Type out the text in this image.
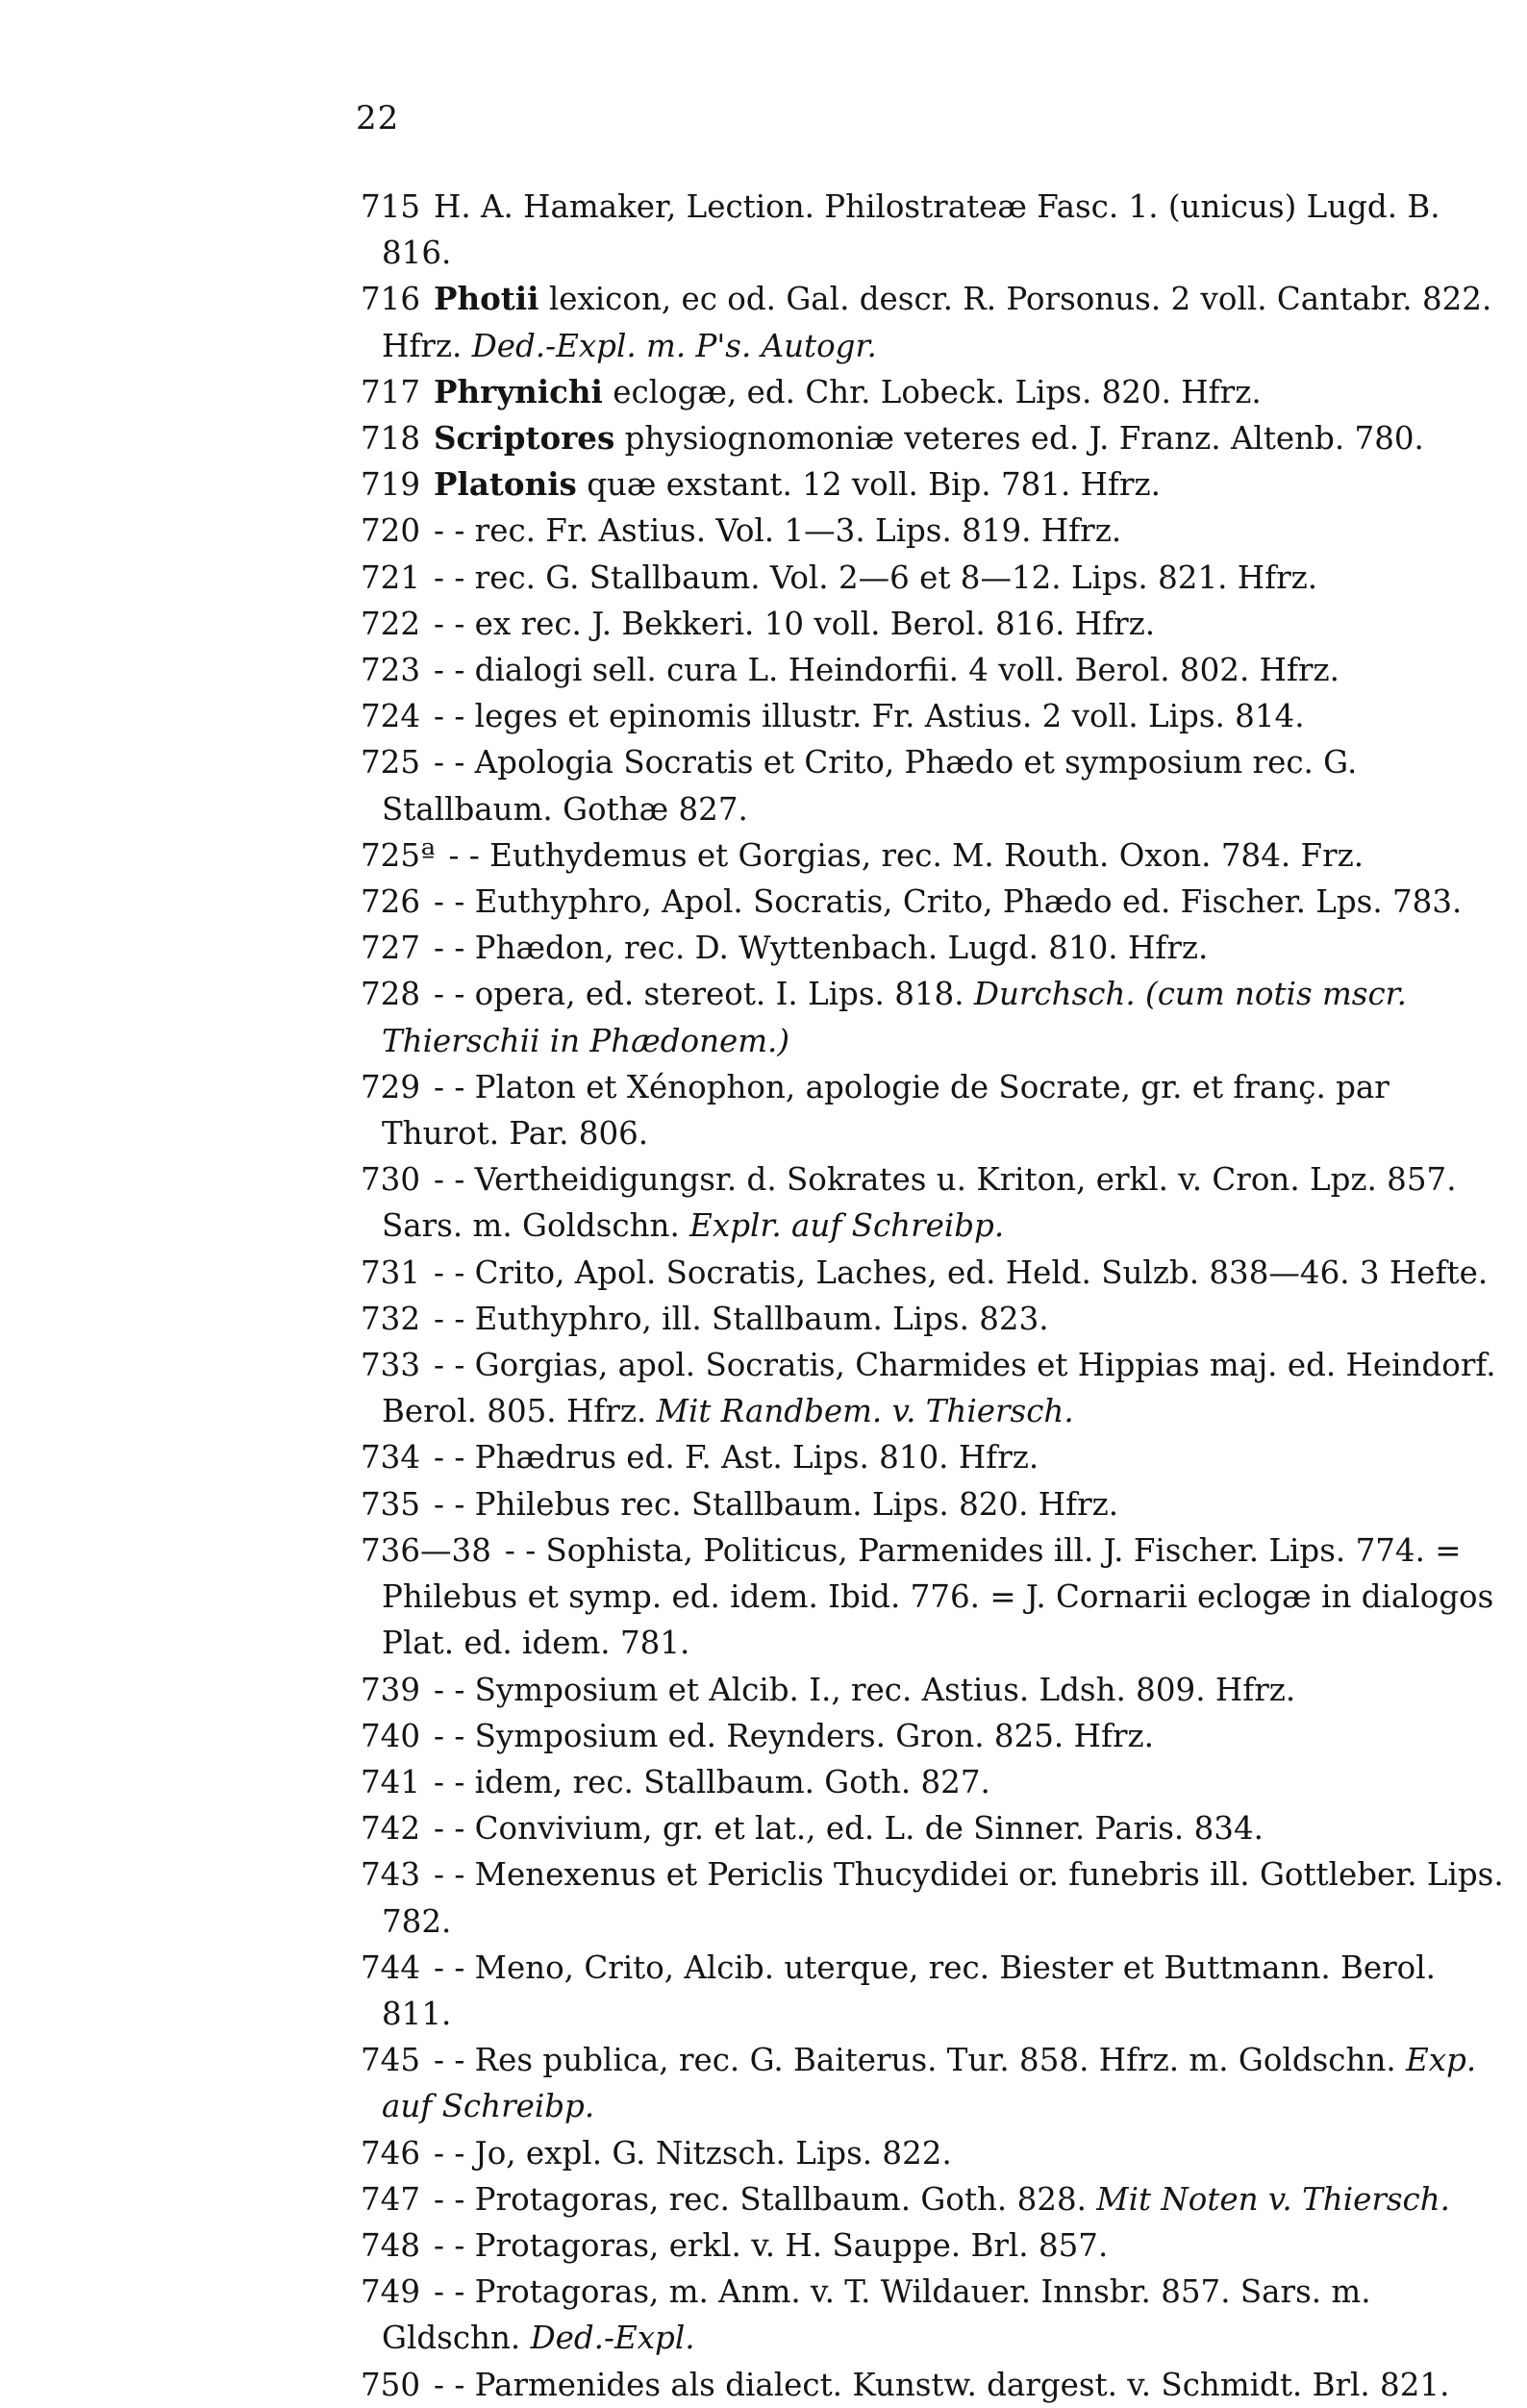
22

715 H. A. Hamaker, Lection. Philostrateæ Fasc. 1. (unicus) Lugd. B. 816.

716 Photii lexicon, ec od. Gal. descr. R. Porsonus. 2 voll. Cantabr. 822. Hfrz. Ded.-Expl. m. P's. Autogr.

717 Phrynichi eclogæ, ed. Chr. Lobeck. Lips. 820. Hfrz.

718 Scriptores physiognomoniæ veteres ed. J. Franz. Altenb. 780.

719 Platonis quæ exstant. 12 voll. Bip. 781. Hfrz.

720 - - rec. Fr. Astius. Vol. 1—3. Lips. 819. Hfrz.

721 - - rec. G. Stallbaum. Vol. 2—6 et 8—12. Lips. 821. Hfrz.

722 - - ex rec. J. Bekkeri. 10 voll. Berol. 816. Hfrz.

723 - - dialogi sell. cura L. Heindorfii. 4 voll. Berol. 802. Hfrz.

724 - - leges et epinomis illustr. Fr. Astius. 2 voll. Lips. 814.

725 - - Apologia Socratis et Crito, Phædo et symposium rec. G. Stallbaum. Gothæ 827.

725ª - - Euthydemus et Gorgias, rec. M. Routh. Oxon. 784. Frz.

726 - - Euthyphro, Apol. Socratis, Crito, Phædo ed. Fischer. Lps. 783.

727 - - Phædon, rec. D. Wyttenbach. Lugd. 810. Hfrz.

728 - - opera, ed. stereot. I. Lips. 818. Durchsch. (cum notis mscr. Thierschii in Phædonem.)

729 - - Platon et Xénophon, apologie de Socrate, gr. et franç. par Thurot. Par. 806.

730 - - Vertheidigungsr. d. Sokrates u. Kriton, erkl. v. Cron. Lpz. 857. Sars. m. Goldschn. Explr. auf Schreibp.

731 - - Crito, Apol. Socratis, Laches, ed. Held. Sulzb. 838—46. 3 Hefte.

732 - - Euthyphro, ill. Stallbaum. Lips. 823.

733 - - Gorgias, apol. Socratis, Charmides et Hippias maj. ed. Heindorf. Berol. 805. Hfrz. Mit Randbem. v. Thiersch.

734 - - Phædrus ed. F. Ast. Lips. 810. Hfrz.

735 - - Philebus rec. Stallbaum. Lips. 820. Hfrz.

736—38 - - Sophista, Politicus, Parmenides ill. J. Fischer. Lips. 774. = Philebus et symp. ed. idem. Ibid. 776. = J. Cornarii eclogæ in dialogos Plat. ed. idem. 781.

739 - - Symposium et Alcib. I., rec. Astius. Ldsh. 809. Hfrz.

740 - - Symposium ed. Reynders. Gron. 825. Hfrz.

741 - - idem, rec. Stallbaum. Goth. 827.

742 - - Convivium, gr. et lat., ed. L. de Sinner. Paris. 834.

743 - - Menexenus et Periclis Thucydidei or. funebris ill. Gottleber. Lips. 782.

744 - - Meno, Crito, Alcib. uterque, rec. Biester et Buttmann. Berol. 811.

745 - - Res publica, rec. G. Baiterus. Tur. 858. Hfrz. m. Goldschn. Exp. auf Schreibp.

746 - - Jo, expl. G. Nitzsch. Lips. 822.

747 - - Protagoras, rec. Stallbaum. Goth. 828. Mit Noten v. Thiersch.

748 - - Protagoras, erkl. v. H. Sauppe. Brl. 857.

749 - - Protagoras, m. Anm. v. T. Wildauer. Innsbr. 857. Sars. m. Gldschn. Ded.-Expl.

750 - - Parmenides als dialect. Kunstw. dargest. v. Schmidt. Brl. 821.
